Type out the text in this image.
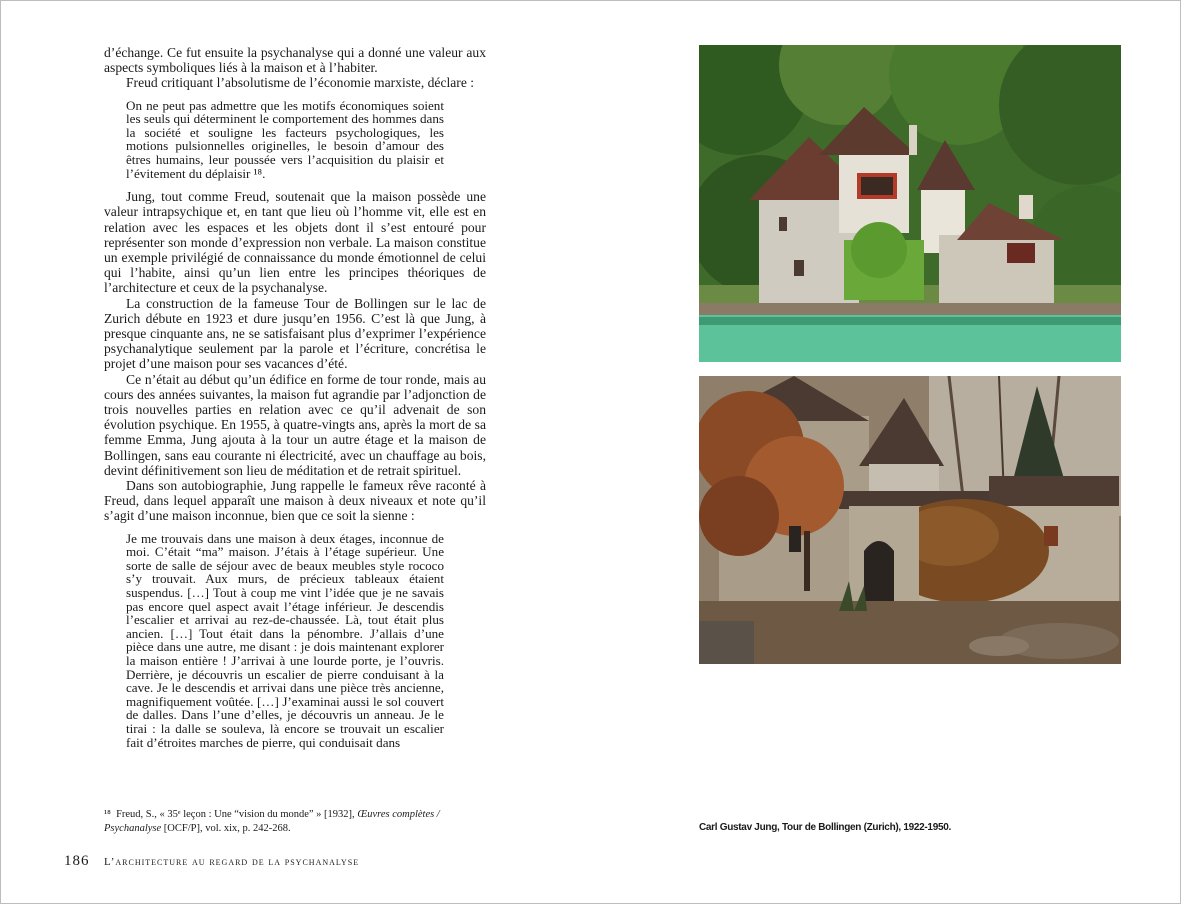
d’échange. Ce fut ensuite la psychanalyse qui a donné une valeur aux aspects symboliques liés à la maison et à l’habiter.

Freud critiquant l’absolutisme de l’économie marxiste, déclare :

On ne peut pas admettre que les motifs économiques soient les seuls qui déterminent le comportement des hommes dans la société et souligne les facteurs psychologiques, les motions pulsionnelles originelles, le besoin d’amour des êtres humains, leur poussée vers l’acquisition du plaisir et l’évitement du déplaisir ¹⁸.

Jung, tout comme Freud, soutenait que la maison possède une valeur intrapsychique et, en tant que lieu où l’homme vit, elle est en relation avec les espaces et les objets dont il s’est entouré pour représenter son monde d’expression non verbale. La maison constitue un exemple privilégié de connaissance du monde émotionnel de celui qui l’habite, ainsi qu’un lien entre les principes théoriques de l’architecture et ceux de la psychanalyse.

La construction de la fameuse Tour de Bollingen sur le lac de Zurich débute en 1923 et dure jusqu’en 1956. C’est là que Jung, à presque cinquante ans, ne se satisfaisant plus d’exprimer l’expérience psychanalytique seulement par la parole et l’écriture, concrétisa le projet d’une maison pour ses vacances d’été.

Ce n’était au début qu’un édifice en forme de tour ronde, mais au cours des années suivantes, la maison fut agrandie par l’adjonction de trois nouvelles parties en relation avec ce qu’il advenait de son évolution psychique. En 1955, à quatre-vingts ans, après la mort de sa femme Emma, Jung ajouta à la tour un autre étage et la maison de Bollingen, sans eau courante ni électricité, avec un chauffage au bois, devint définitivement son lieu de méditation et de retrait spirituel.

Dans son autobiographie, Jung rappelle le fameux rêve raconté à Freud, dans lequel apparaît une maison à deux niveaux et note qu’il s’agit d’une maison inconnue, bien que ce soit la sienne :

Je me trouvais dans une maison à deux étages, inconnue de moi. C’était “ma” maison. J’étais à l’étage supérieur. Une sorte de salle de séjour avec de beaux meubles style rococo s’y trouvait. Aux murs, de précieux tableaux étaient suspendus. […] Tout à coup me vint l’idée que je ne savais pas encore quel aspect avait l’étage inférieur. Je descendis l’escalier et arrivai au rez-de-chaussée. Là, tout était plus ancien. […] Tout était dans la pénombre. J’allais d’une pièce dans une autre, me disant : je dois maintenant explorer la maison entière ! J’arrivai à une lourde porte, je l’ouvris. Derrière, je découvris un escalier de pierre conduisant à la cave. Je le descendis et arrivai dans une pièce très ancienne, magnifiquement voûtée. […] J’examinai aussi le sol couvert de dalles. Dans l’une d’elles, je découvris un anneau. Je le tirai : la dalle se souleva, là encore se trouvait un escalier fait d’étroites marches de pierre, qui conduisait dans

¹⁸ Freud, S., « 35ᵉ leçon : Une “vision du monde” » [1932], Œuvres complètes / Psychanalyse [OCF/P], vol. xix, p. 242-268.
186 L’architecture au regard de la psychanalyse
Carl Gustav Jung, Tour de Bollingen (Zurich), 1922-1950.
